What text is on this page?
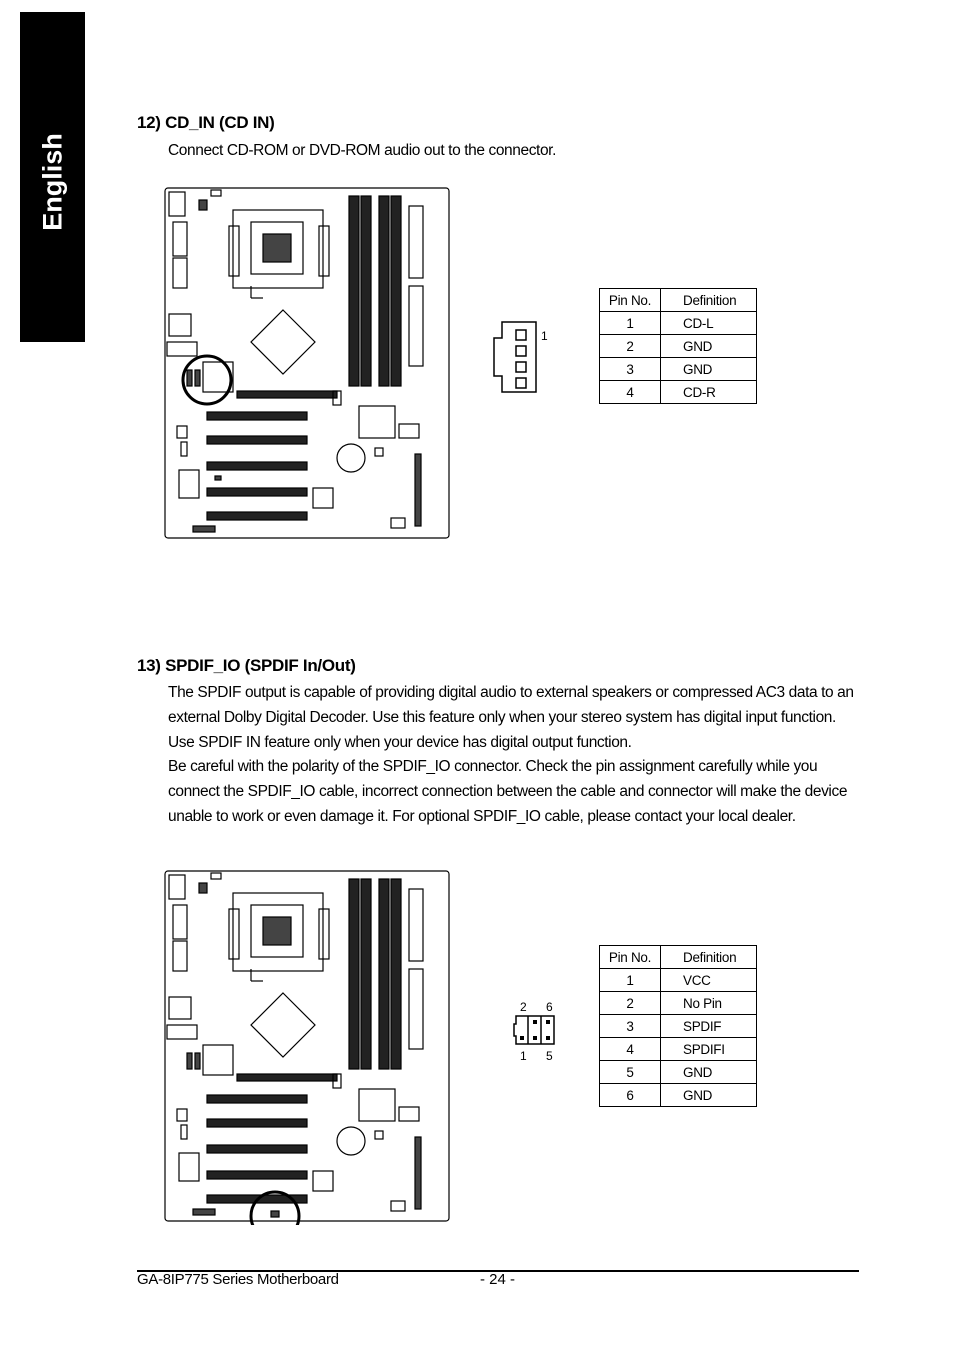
English
12) CD_IN (CD IN)

Connect CD-ROM or DVD-ROM audio out to the connector.

1
Pin No.	Definition
1	CD-L
2	GND
3	GND
4	CD-R
13) SPDIF_IO (SPDIF In/Out)

The SPDIF output is capable of providing digital audio to external speakers or compressed AC3 data to an external Dolby Digital Decoder. Use this feature only when your stereo system has digital input function. Use SPDIF IN feature only when your device has digital output function.

Be careful with the polarity of the SPDIF_IO connector. Check the pin assignment carefully while you connect the SPDIF_IO cable, incorrect connection between the cable and connector will make the device unable to work or even damage it. For optional SPDIF_IO cable, please contact your local dealer.

2 6
1 5
Pin No.	Definition
1	VCC
2	No Pin
3	SPDIF
4	SPDIFI
5	GND
6	GND
GA-8IP775 Series Motherboard	- 24 -
